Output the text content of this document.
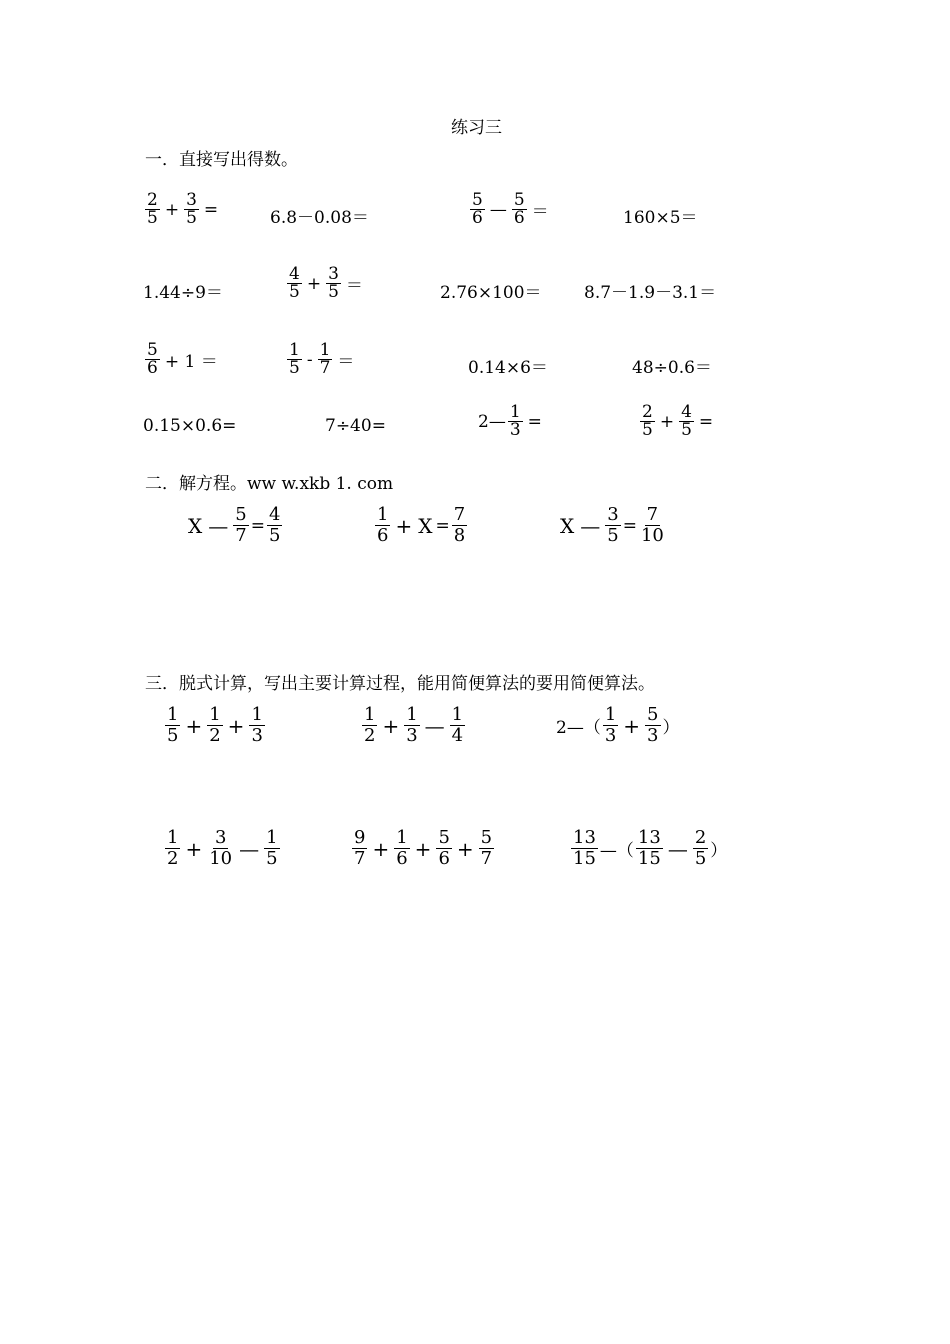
练习三
一．直接写出得数。
$\frac{2}{5} + \frac{3}{5}$ =	6.8－0.08＝	$\frac{5}{6}$ — $\frac{5}{6}$ ＝	160×5＝
1.44÷9＝	$\frac{4}{5} + \frac{3}{5}$ ＝	2.76×100＝ 8.7－1.9－3.1＝
$\frac{5}{6} + 1$ ＝	$\frac{1}{5} - \frac{1}{7}$ ＝	0.14×6＝	48÷0.6＝
0.15×0.6=	7÷40=	2— $\frac{1}{3}$ =	$\frac{2}{5} + \frac{4}{5}$ =
二．解方程。ww w.xkb 1. com
X — $\frac{5}{7} = \frac{4}{5}$	$\frac{1}{6} + X = \frac{7}{8}$	X — $\frac{3}{5} = \frac{7}{10}$
三．脱式计算，写出主要计算过程，能用简便算法的要用简便算法。
$\frac{1}{5} + \frac{1}{2} + \frac{1}{3}$	$\frac{1}{2} + \frac{1}{3}$ — $\frac{1}{4}$	2—（ $\frac{1}{3} + \frac{5}{3}$ ）
$\frac{1}{2} + \frac{3}{10}$ — $\frac{1}{5}$	$\frac{9}{7} + \frac{1}{6} + \frac{5}{6} + \frac{5}{7}$	$\frac{13}{15}$ —（ $\frac{13}{15}$ — $\frac{2}{5}$ ）
